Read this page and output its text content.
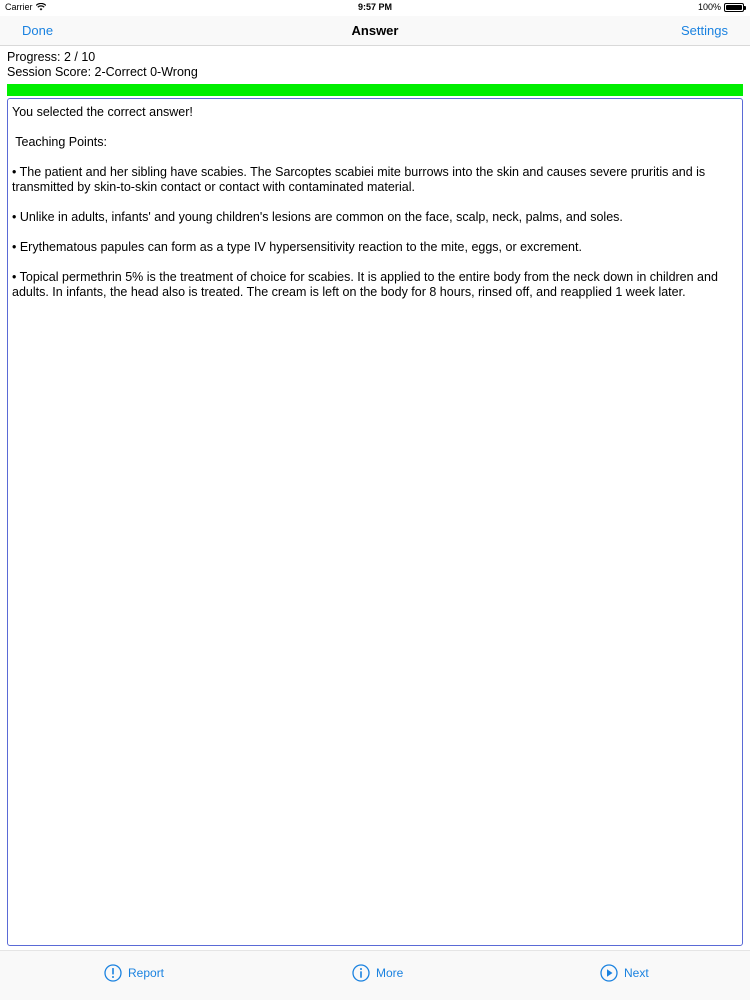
Carrier	9:57 PM	100%
Done	Answer	Settings
Progress: 2 / 10
Session Score: 2-Correct 0-Wrong

You selected the correct answer!

Teaching Points:

• The patient and her sibling have scabies. The Sarcoptes scabiei mite burrows into the skin and causes severe pruritis and is transmitted by skin-to-skin contact or contact with contaminated material.

• Unlike in adults, infants' and young children's lesions are common on the face, scalp, neck, palms, and soles.

• Erythematous papules can form as a type IV hypersensitivity reaction to the mite, eggs, or excrement.

• Topical permethrin 5% is the treatment of choice for scabies. It is applied to the entire body from the neck down in children and adults. In infants, the head also is treated. The cream is left on the body for 8 hours, rinsed off, and reapplied 1 week later.

Report	More	Next
